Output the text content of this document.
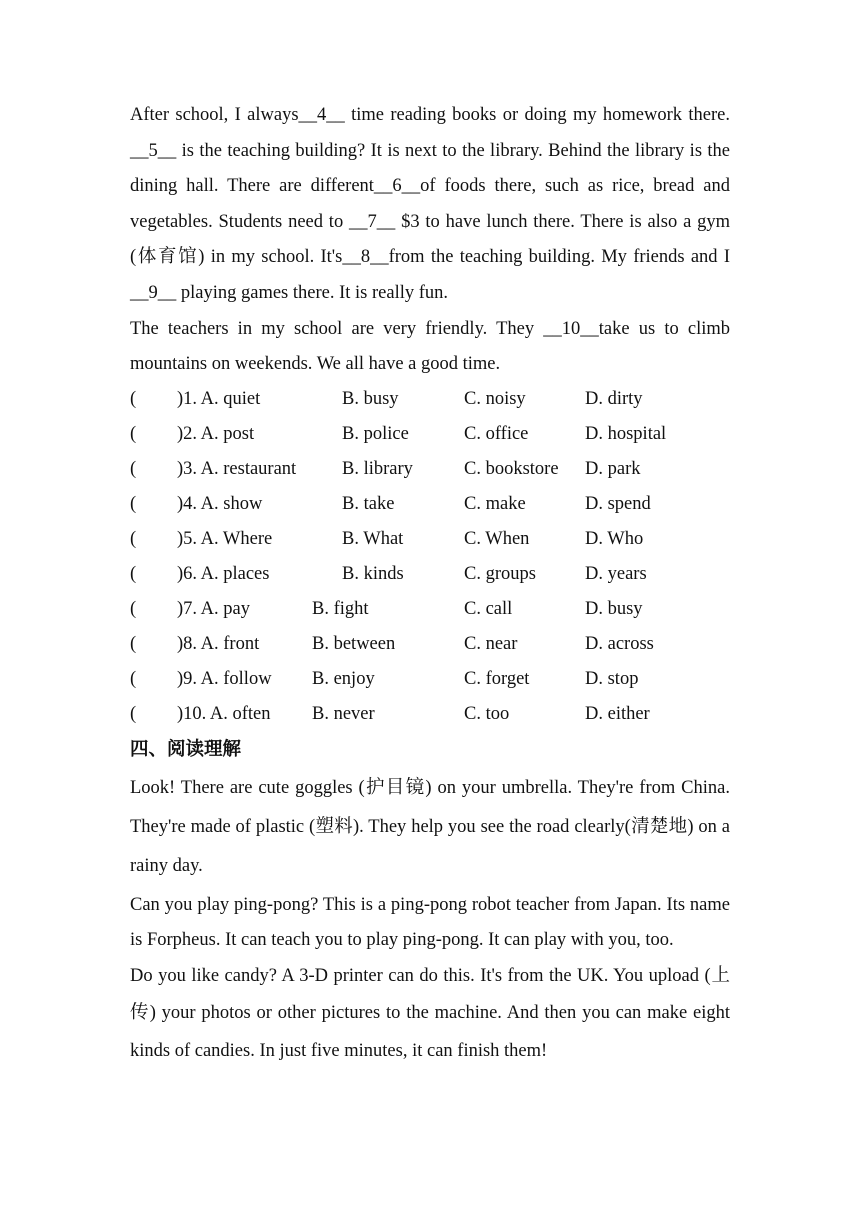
After school, I always__4__ time reading books or doing my homework there. __5__ is the teaching building? It is next to the library. Behind the library is the dining hall. There are different__6__of foods there, such as rice, bread and vegetables. Students need to __7__ $3 to have lunch there. There is also a gym (体育馆) in my school. It's__8__from the teaching building. My friends and I __9__ playing games there. It is really fun.

The teachers in my school are very friendly. They __10__take us to climb mountains on weekends. We all have a good time.

( )1. A. quiet	B. busy	C. noisy	D. dirty
( )2. A. post	B. police	C. office	D. hospital
( )3. A. restaurant B. library	C. bookstore D. park
( )4. A. show	B. take	C. make	D. spend
( )5. A. Where	B. What	C. When	D. Who
( )6. A. places	B. kinds	C. groups	D. years
( )7. A. pay	B. fight	C. call	D. busy
( )8. A. front	B. between	C. near	D. across
( )9. A. follow B. enjoy	C. forget	D. stop
( )10. A. often B. never	C. too	D. either
四、阅读理解

Look! There are cute goggles (护目镜) on your umbrella. They're from China. They're made of plastic (塑料). They help you see the road clearly(清楚地) on a rainy day.

Can you play ping-pong? This is a ping-pong robot teacher from Japan. Its name is Forpheus. It can teach you to play ping-pong. It can play with you, too.

Do you like candy? A 3-D printer can do this. It's from the UK. You upload (上传) your photos or other pictures to the machine. And then you can make eight kinds of candies. In just five minutes, it can finish them!
